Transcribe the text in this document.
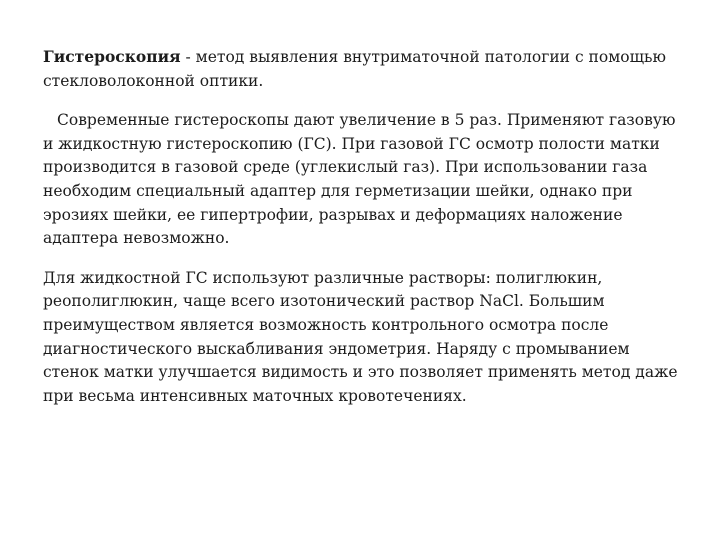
Гистероскопия - метод выявления внутриматочной патологии с помощью стекловолоконной оптики.

Современные гистероскопы дают увеличение в 5 раз. Применяют газовую и жидкостную гистероскопию (ГС). При газовой ГС осмотр полости матки производится в газовой среде (углекислый газ). При использовании газа необходим специальный адаптер для герметизации шейки, однако при эрозиях шейки, ее гипертрофии, разрывах и деформациях наложение адаптера невозможно.

Для жидкостной ГС используют различные растворы: полиглюкин, реополиглюкин, чаще всего изотонический раствор NaCl. Большим преимуществом является возможность контрольного осмотра после диагностического выскабливания эндометрия. Наряду с промыванием стенок матки улучшается видимость и это позволяет применять метод даже при весьма интенсивных маточных кровотечениях.
